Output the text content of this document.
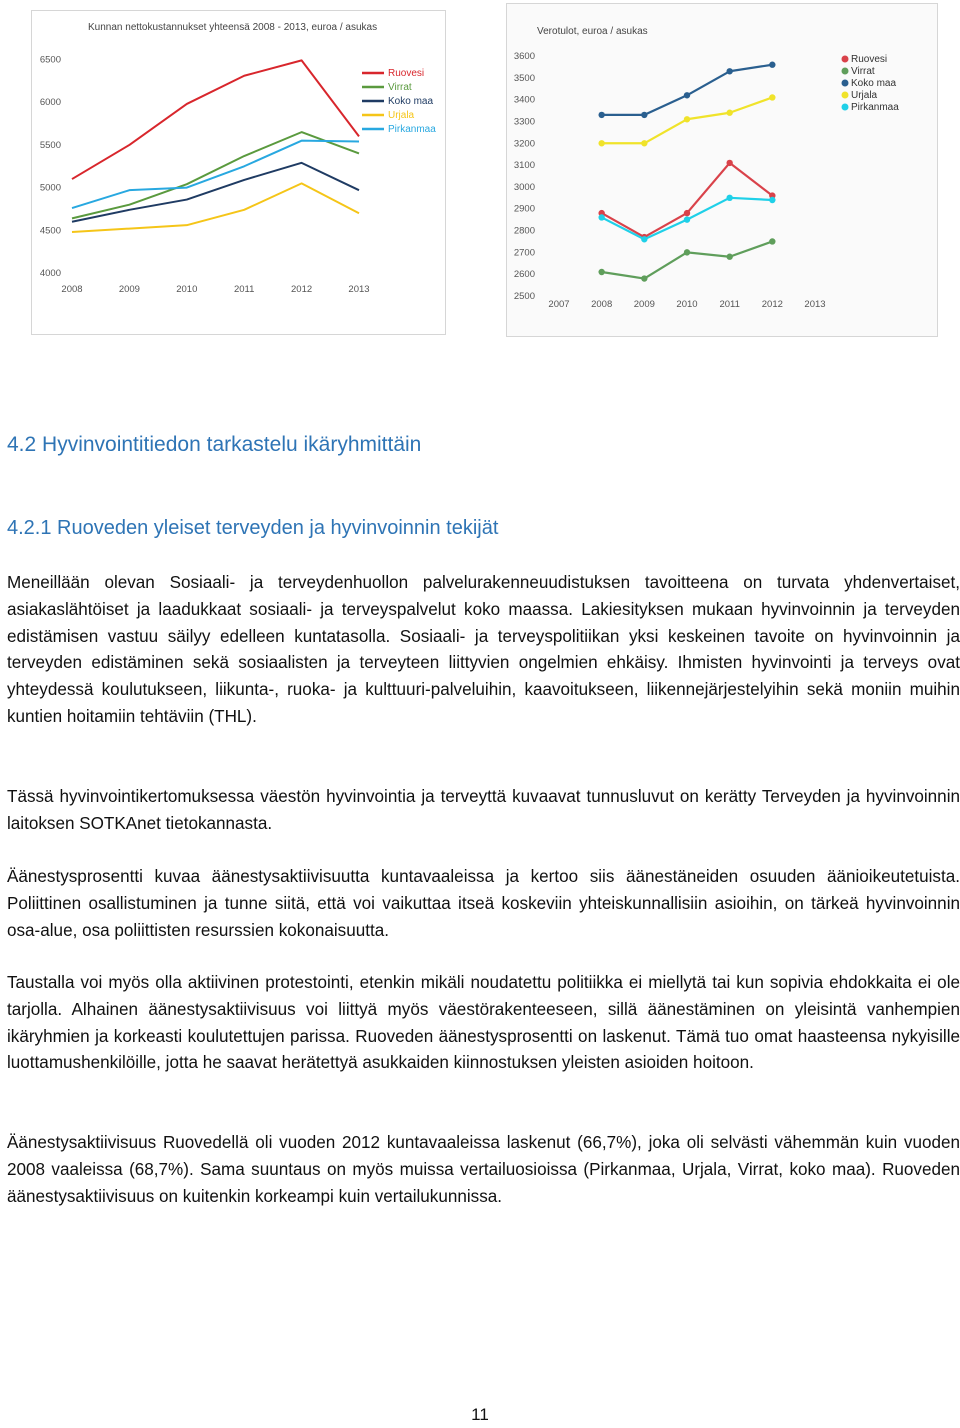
Kunnan nettokustannukset yhteensä 2008 - 2013, euroa / asukas
4000
4500
5000
5500
6000
6500
2008	2009	2010	2011	2012	2013
Ruovesi
Virrat
Koko maa
Urjala
Pirkanmaa
Verotulot, euroa / asukas
2500
2600
2700
2800
2900
3000
3100
3200
3300
3400
3500
3600
2007 2008 2009 2010 2011 2012 2013
Ruovesi
Virrat
Koko maa
Urjala
Pirkanmaa
4.2 Hyvinvointitiedon tarkastelu ikäryhmittäin
4.2.1 Ruoveden yleiset terveyden ja hyvinvoinnin tekijät

Meneillään olevan Sosiaali- ja terveydenhuollon palvelurakenneuudistuksen tavoitteena on turvata yhdenvertaiset, asiakaslähtöiset ja laadukkaat sosiaali- ja terveyspalvelut koko maassa. Lakiesityksen mukaan hyvinvoinnin ja terveyden edistämisen vastuu säilyy edelleen kuntatasolla. Sosiaali- ja terveyspolitiikan yksi keskeinen tavoite on hyvinvoinnin ja terveyden edistäminen sekä sosiaalisten ja terveyteen liittyvien ongelmien ehkäisy. Ihmisten hyvinvointi ja terveys ovat yhteydessä koulutukseen, liikunta-, ruoka- ja kulttuuri-palveluihin, kaavoitukseen, liikennejärjestelyihin sekä moniin muihin kuntien hoitamiin tehtäviin (THL).

Tässä hyvinvointikertomuksessa väestön hyvinvointia ja terveyttä kuvaavat tunnusluvut on kerätty Terveyden ja hyvinvoinnin laitoksen SOTKAnet tietokannasta.

Äänestysprosentti kuvaa äänestysaktiivisuutta kuntavaaleissa ja kertoo siis äänestäneiden osuuden äänioikeutetuista. Poliittinen osallistuminen ja tunne siitä, että voi vaikuttaa itseä koskeviin yhteiskunnallisiin asioihin, on tärkeä hyvinvoinnin osa-alue, osa poliittisten resurssien kokonaisuutta.

Taustalla voi myös olla aktiivinen protestointi, etenkin mikäli noudatettu politiikka ei miellytä tai kun sopivia ehdokkaita ei ole tarjolla. Alhainen äänestysaktiivisuus voi liittyä myös väestörakenteeseen, sillä äänestäminen on yleisintä vanhempien ikäryhmien ja korkeasti koulutettujen parissa. Ruoveden äänestysprosentti on laskenut. Tämä tuo omat haasteensa nykyisille luottamushenkilöille, jotta he saavat herätettyä asukkaiden kiinnostuksen yleisten asioiden hoitoon.

Äänestysaktiivisuus Ruovedellä oli vuoden 2012 kuntavaaleissa laskenut (66,7%), joka oli selvästi vähemmän kuin vuoden 2008 vaaleissa (68,7%). Sama suuntaus on myös muissa vertailuosioissa (Pirkanmaa, Urjala, Virrat, koko maa). Ruoveden äänestysaktiivisuus on kuitenkin korkeampi kuin vertailukunnissa.

11
